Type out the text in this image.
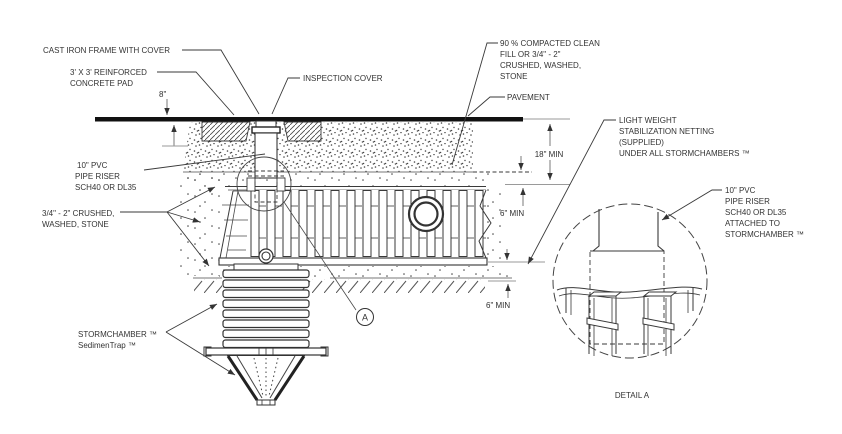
A
8"
18" MIN
6" MIN
6" MIN
CAST IRON FRAME WITH COVER
3' X 3' REINFORCED
CONCRETE PAD
INSPECTION COVER
90 % COMPACTED CLEAN
FILL OR 3/4" - 2"
CRUSHED, WASHED,
STONE
PAVEMENT
LIGHT WEIGHT
STABILIZATION NETTING
(SUPPLIED)
UNDER ALL STORMCHAMBERS ™
10" PVC
PIPE RISER
SCH40 OR DL35
3/4" - 2" CRUSHED,
WASHED, STONE
STORMCHAMBER ™
SedimenTrap ™
10" PVC
PIPE RISER
SCH40 OR DL35
ATTACHED TO
STORMCHAMBER ™
DETAIL A
